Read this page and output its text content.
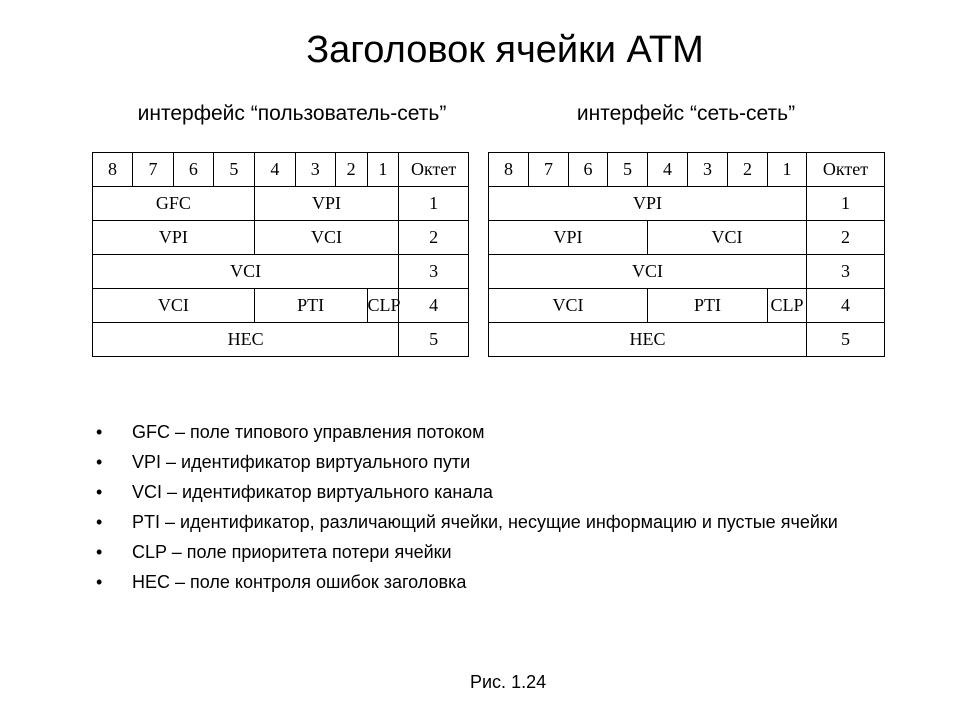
Заголовок ячейки АТМ
интерфейс “пользователь-сеть”	интерфейс “сеть-сеть”
8	7	6	5	4	3	2	1	Октет
GFC				VPI				1
VPI				VCI				2
VCI								3
VCI				PTI			CLP	4
HEC								5
8	7	6	5	4	3	2	1	Октет
VPI								1
VPI				VCI				2
VCI								3
VCI				PTI			CLP	4
HEC								5
• GFC – поле типового управления потоком
• VPI – идентификатор виртуального пути
• VCI – идентификатор виртуального канала
• PTI – идентификатор, различающий ячейки, несущие информацию и пустые ячейки
• CLP – поле приоритета потери ячейки
• HEC – поле контроля ошибок заголовка
Рис. 1.24
